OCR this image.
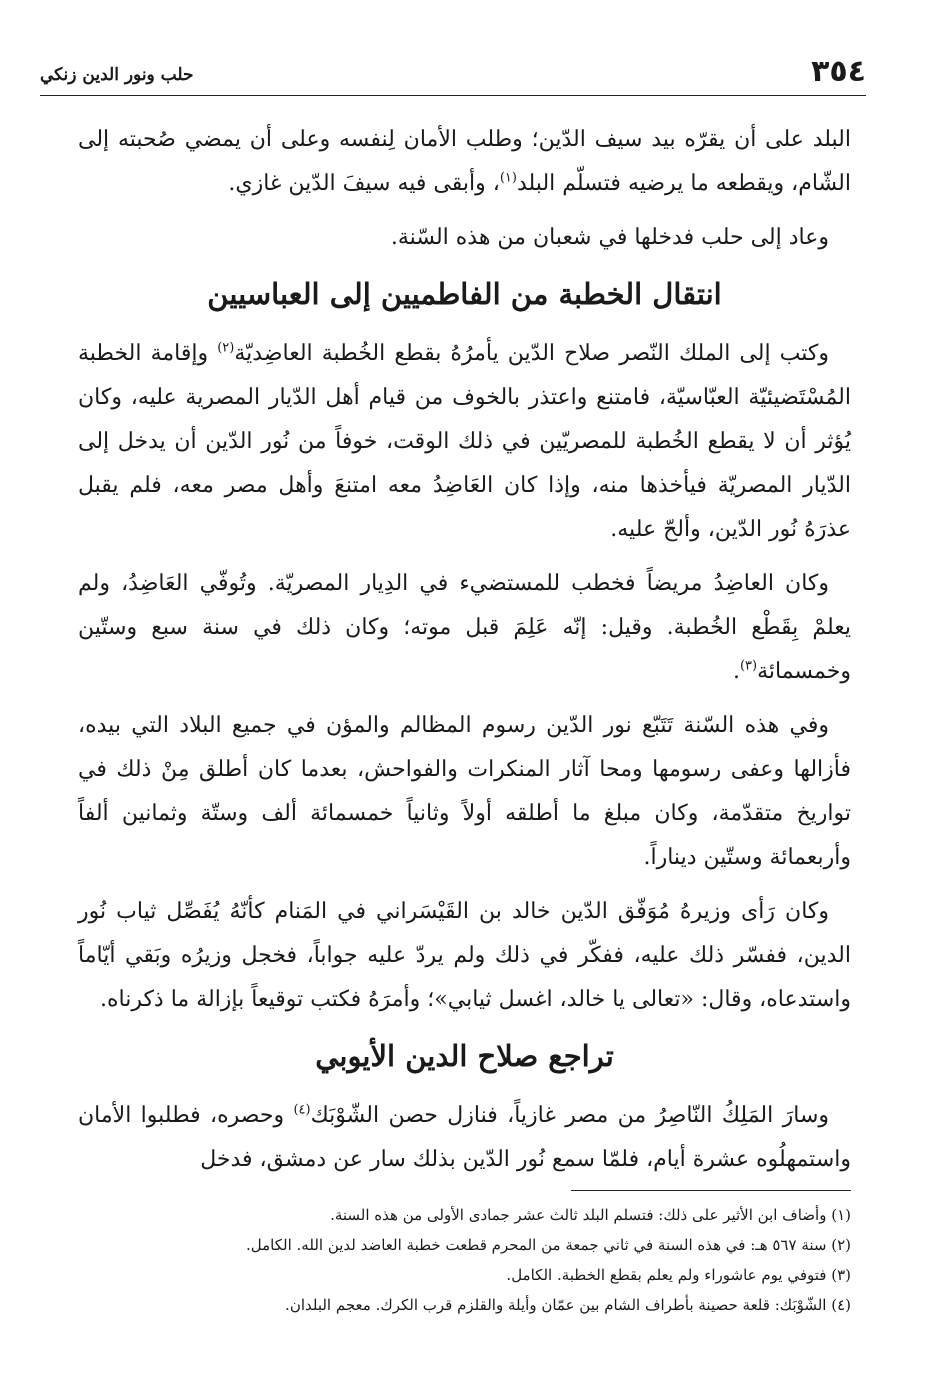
٣٥٤
حلب ونور الدين زنكي

البلد على أن يقرّه بيد سيف الدّين؛ وطلب الأمان لِنفسه وعلى أن يمضي صُحبته إلى الشّام، ويقطعه ما يرضيه فتسلّم البلد$^{(١)}$، وأبقى فيه سيفَ الدّين غازي.

وعاد إلى حلب فدخلها في شعبان من هذه السّنة.

انتقال الخطبة من الفاطميين إلى العباسيين

وكتب إلى الملك النّصر صلاح الدّين يأمرُهُ بقطع الخُطبة العاضِديّة$^{(٢)}$ وإقامة الخطبة المُسْتَضيئيّة العبّاسيّة، فامتنع واعتذر بالخوف من قيام أهل الدّيار المصرية عليه، وكان يُؤثر أن لا يقطع الخُطبة للمصريّين في ذلك الوقت، خوفاً من نُور الدّين أن يدخل إلى الدّيار المصريّة فيأخذها منه، وإذا كان العَاضِدُ معه امتنعَ وأهل مصر معه، فلم يقبل عذرَهُ نُور الدّين، وألحّ عليه.

وكان العاضِدُ مريضاً فخطب للمستضيء في الدِيار المصريّة. وتُوفّي العَاضِدُ، ولم يعلمْ بِقَطْع الخُطبة. وقيل: إنّه عَلِمَ قبل موته؛ وكان ذلك في سنة سبع وستّين وخمسمائة$^{(٣)}$.

وفي هذه السّنة تَتَبّع نور الدّين رسوم المظالم والمؤن في جميع البلاد التي بيده، فأزالها وعفى رسومها ومحا آثار المنكرات والفواحش، بعدما كان أطلق مِنْ ذلك في تواريخ متقدّمة، وكان مبلغ ما أطلقه أولاً وثانياً خمسمائة ألف وستّة وثمانين ألفاً وأربعمائة وستّين ديناراً.

وكان رَأى وزيرهُ مُوَفّق الدّين خالد بن القَيْسَراني في المَنام كأنّهُ يُفَصِّل ثياب نُور الدين، ففسّر ذلك عليه، ففكّر في ذلك ولم يردّ عليه جواباً، فخجل وزيرُه وبَقي أيّاماً واستدعاه، وقال: «تعالى يا خالد، اغسل ثيابي»؛ وأمرَهُ فكتب توقيعاً بإزالة ما ذكرناه.

تراجع صلاح الدين الأيوبي

وسارَ المَلِكُ النّاصِرُ من مصر غازياً، فنازل حصن الشّوْبَك$^{(٤)}$ وحصره، فطلبوا الأمان واستمهلُوه عشرة أيام، فلمّا سمع نُور الدّين بذلك سار عن دمشق، فدخل

(١) وأضاف ابن الأثير على ذلك: فتسلم البلد ثالث عشر جمادى الأولى من هذه السنة.

(٢) سنة ٥٦٧ هـ: في هذه السنة في ثاني جمعة من المحرم قطعت خطبة العاضد لدين الله. الكامل.

(٣) فتوفي يوم عاشوراء ولم يعلم بقطع الخطبة. الكامل.

(٤) الشّوْبَك: قلعة حصينة بأطراف الشام بين عمّان وأيلة والقلزم قرب الكرك. معجم البلدان.
